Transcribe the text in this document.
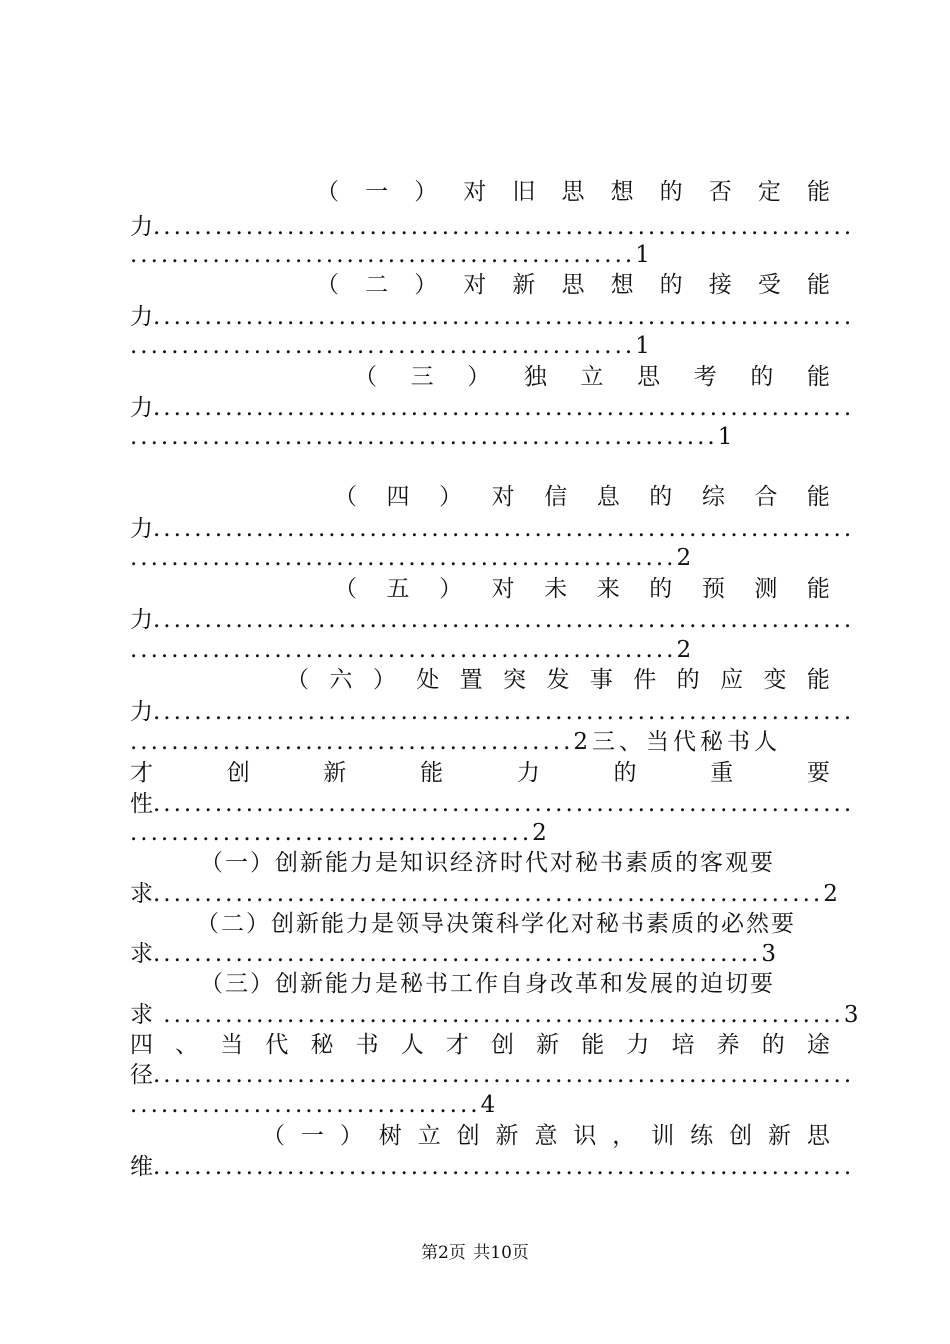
（ 一 ） 对 旧 思 想 的 否 定 能
力....................................................................
.................................................1
（ 二 ） 对 新 思 想 的 接 受 能
力....................................................................
.................................................1
（ 三 ） 独 立 思 考 的 能
力....................................................................
.........................................................1
（ 四 ） 对 信 息 的 综 合 能
力....................................................................
.....................................................2
（ 五 ） 对 未 来 的 预 测 能
力....................................................................
.....................................................2
（ 六 ） 处 置 突 发 事 件 的 应 变 能
力....................................................................
...........................................2 三、当代秘书人
才	创	新	能	力	的	重	要
性....................................................................
.......................................2
（一）创新能力是知识经济时代对秘书素质的客观要
求.................................................................2
（二）创新能力是领导决策科学化对秘书素质的必然要
求...........................................................3
（三）创新能力是秘书工作自身改革和发展的迫切要
求 ..................................................................3
四 、 当 代 秘 书 人 才 创 新 能 力 培 养 的 途
径....................................................................
..................................4
（ 一 ） 树 立 创 新 意 识 ， 训 练 创 新 思
维....................................................................
第2页 共10页
